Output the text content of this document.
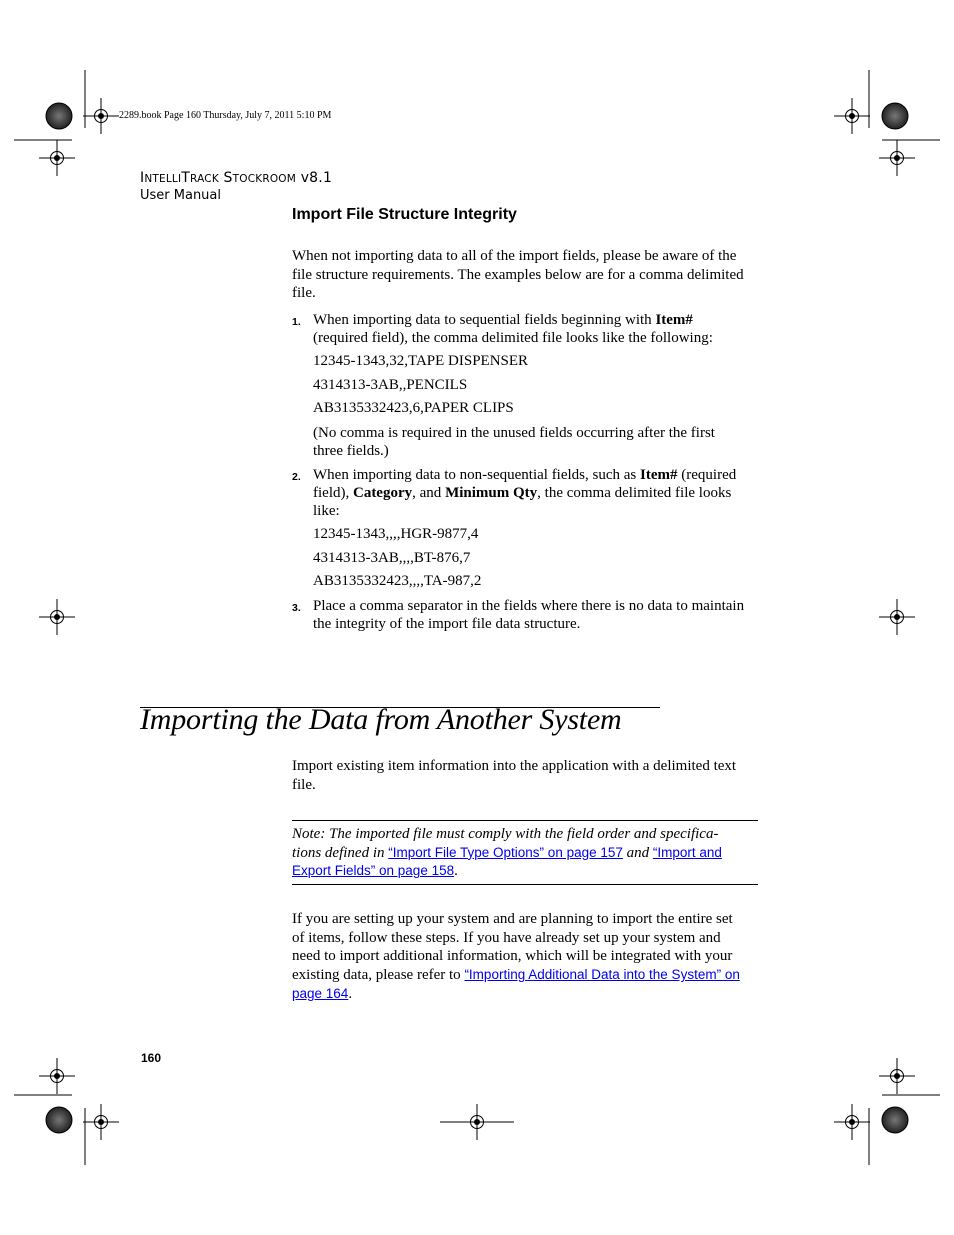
2289.book Page 160 Thursday, July 7, 2011 5:10 PM
INTELLITRACK STOCKROOM v8.1
User Manual
Import File Structure Integrity

When not importing data to all of the import fields, please be aware of the

file structure requirements. The examples below are for a comma delimited

file.

1. When importing data to sequential fields beginning with Item#
(required field), the comma delimited file looks like the following:
12345-1343,32,TAPE DISPENSER
4314313-3AB,,PENCILS
AB3135332423,6,PAPER CLIPS
(No comma is required in the unused fields occurring after the first
three fields.)
2. When importing data to non-sequential fields, such as Item# (required
field), Category, and Minimum Qty, the comma delimited file looks
like:
12345-1343,,,,HGR-9877,4
4314313-3AB,,,,BT-876,7
AB3135332423,,,,TA-987,2
3. Place a comma separator in the fields where there is no data to maintain
the integrity of the import file data structure.
Importing the Data from Another System

Import existing item information into the application with a delimited text

file.

Note: The imported file must comply with the field order and specifica-
tions defined in “Import File Type Options” on page 157 and “Import and
Export Fields” on page 158.

If you are setting up your system and are planning to import the entire set

of items, follow these steps. If you have already set up your system and

need to import additional information, which will be integrated with your

existing data, please refer to “Importing Additional Data into the System” on

page 164.

160
